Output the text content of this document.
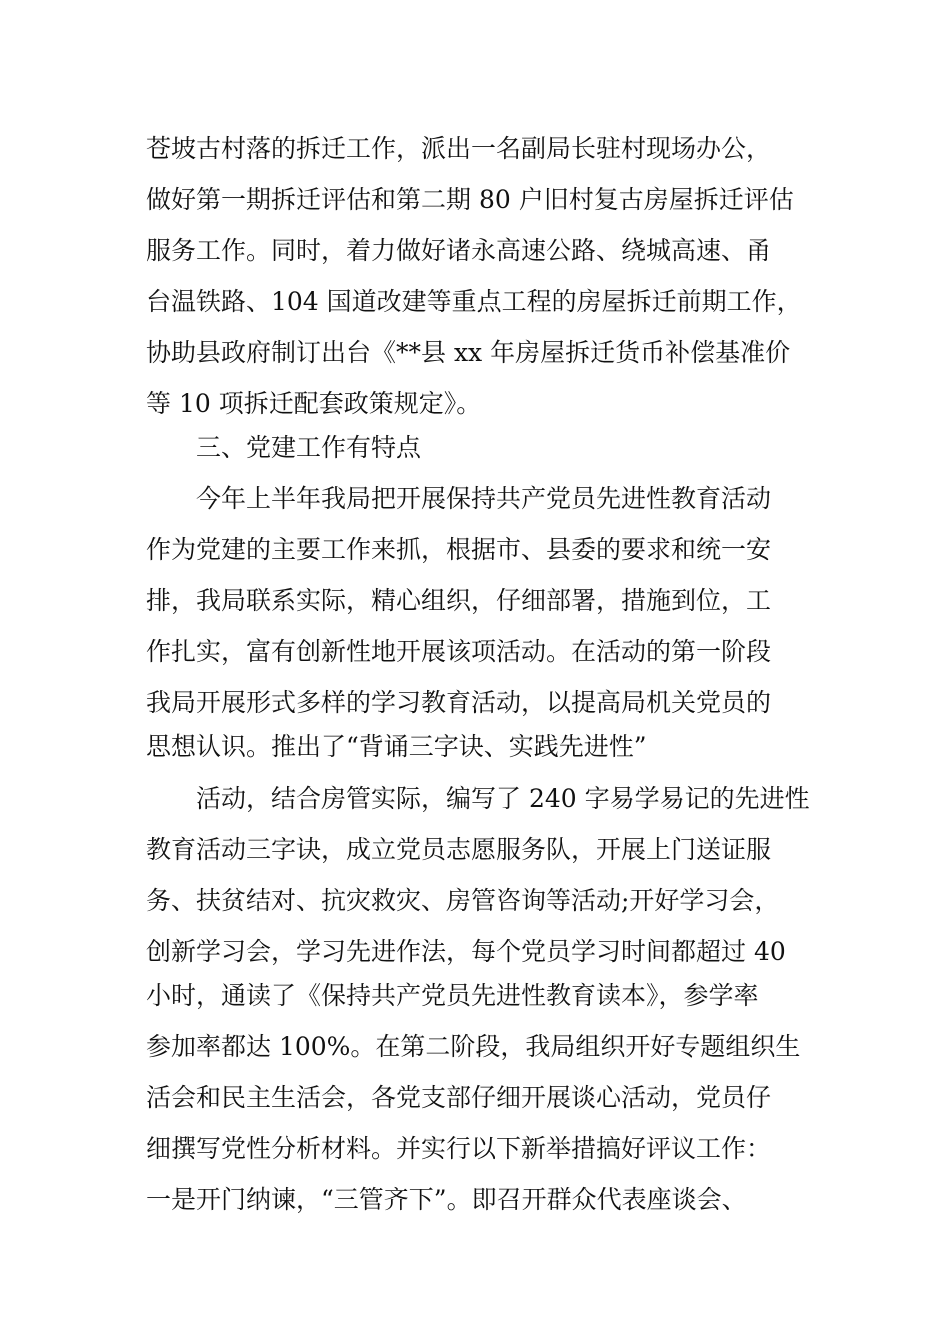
苍坡古村落的拆迁工作，派出一名副局长驻村现场办公，
做好第一期拆迁评估和第二期 80 户旧村复古房屋拆迁评估
服务工作。同时，着力做好诸永高速公路、绕城高速、甬
台温铁路、104 国道改建等重点工程的房屋拆迁前期工作，
协助县政府制订出台《**县 xx 年房屋拆迁货币补偿基准价
等 10 项拆迁配套政策规定》。
三、党建工作有特点
今年上半年我局把开展保持共产党员先进性教育活动
作为党建的主要工作来抓，根据市、县委的要求和统一安
排，我局联系实际，精心组织，仔细部署，措施到位，工
作扎实，富有创新性地开展该项活动。在活动的第一阶段
我局开展形式多样的学习教育活动，以提高局机关党员的
思想认识。推出了“背诵三字诀、实践先进性”
活动，结合房管实际，编写了 240 字易学易记的先进性
教育活动三字诀，成立党员志愿服务队，开展上门送证服
务、扶贫结对、抗灾救灾、房管咨询等活动;开好学习会，
创新学习会，学习先进作法，每个党员学习时间都超过 40
小时，通读了《保持共产党员先进性教育读本》，参学率
参加率都达 100%。在第二阶段，我局组织开好专题组织生
活会和民主生活会，各党支部仔细开展谈心活动，党员仔
细撰写党性分析材料。并实行以下新举措搞好评议工作：
一是开门纳谏，“三管齐下”。即召开群众代表座谈会、
